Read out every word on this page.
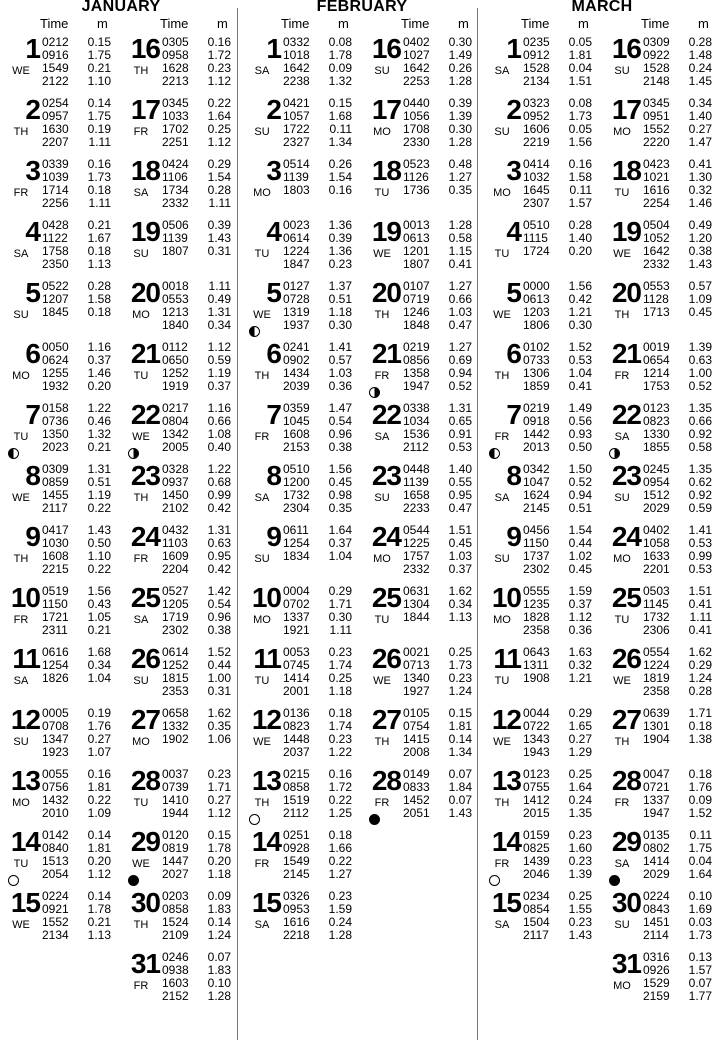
JANUARY
Time m	Time m
1
WE
0212	0.15
0916	1.75
1549	0.21
2122	1.10
2
TH
0254	0.14
0957	1.75
1630	0.19
2207	1.11
3
FR
0339	0.16
1039	1.73
1714	0.18
2256	1.11
4
SA
0428	0.21
1122	1.67
1758	0.18
2350	1.13
5
SU
0522	0.28
1207	1.58
1845	0.18
6
MO
0050	1.16
0624	0.37
1255	1.46
1932	0.20
7
TU
0158	1.22
0736	0.46
1350	1.32
2023	0.21
8
WE
0309	1.31
0859	0.51
1455	1.19
2117	0.22
9
TH
0417	1.43
1030	0.50
1608	1.10
2215	0.22
10
FR
0519	1.56
1150	0.43
1721	1.05
2311	0.21
11
SA
0616	1.68
1254	0.34
1826	1.04
12
SU
0005	0.19
0708	1.76
1347	0.27
1923	1.07
13
MO
0055	0.16
0756	1.81
1432	0.22
2010	1.09
14
TU
0142	0.14
0840	1.81
1513	0.20
2054	1.12
15
WE
0224	0.14
0921	1.78
1552	0.21
2134	1.13
16
TH
0305	0.16
0958	1.72
1628	0.23
2213	1.12
17
FR
0345	0.22
1033	1.64
1702	0.25
2251	1.12
18
SA
0424	0.29
1106	1.54
1734	0.28
2332	1.11
19
SU
0506	0.39
1139	1.43
1807	0.31
20
MO
0018	1.11
0553	0.49
1213	1.31
1840	0.34
21
TU
0112	1.12
0650	0.59
1252	1.19
1919	0.37
22
WE
0217	1.16
0804	0.66
1342	1.08
2005	0.40
23
TH
0328	1.22
0937	0.68
1450	0.99
2102	0.42
24
FR
0432	1.31
1103	0.63
1609	0.95
2204	0.42
25
SA
0527	1.42
1205	0.54
1719	0.96
2302	0.38
26
SU
0614	1.52
1252	0.44
1815	1.00
2353	0.31
27
MO
0658	1.62
1332	0.35
1902	1.06
28
TU
0037	0.23
0739	1.71
1410	0.27
1944	1.12
29
WE
0120	0.15
0819	1.78
1447	0.20
2027	1.18
30
TH
0203	0.09
0858	1.83
1524	0.14
2109	1.24
31
FR
0246	0.07
0938	1.83
1603	0.10
2152	1.28
FEBRUARY
Time m	Time m
1
SA
0332	0.08
1018	1.78
1642	0.09
2238	1.32
2
SU
0421	0.15
1057	1.68
1722	0.11
2327	1.34
3
MO
0514	0.26
1139	1.54
1803	0.16
4
TU
0023	1.36
0614	0.39
1224	1.36
1847	0.23
5
WE
0127	1.37
0728	0.51
1319	1.18
1937	0.30
6
TH
0241	1.41
0902	0.57
1434	1.03
2039	0.36
7
FR
0359	1.47
1045	0.54
1608	0.96
2153	0.38
8
SA
0510	1.56
1200	0.45
1732	0.98
2304	0.35
9
SU
0611	1.64
1254	0.37
1834	1.04
10
MO
0004	0.29
0702	1.71
1337	0.30
1921	1.11
11
TU
0053	0.23
0745	1.74
1414	0.25
2001	1.18
12
WE
0136	0.18
0823	1.74
1448	0.23
2037	1.22
13
TH
0215	0.16
0858	1.72
1519	0.22
2112	1.25
14
FR
0251	0.18
0928	1.66
1549	0.22
2145	1.27
15
SA
0326	0.23
0953	1.59
1616	0.24
2218	1.28
16
SU
0402	0.30
1027	1.49
1642	0.26
2253	1.28
17
MO
0440	0.39
1056	1.39
1708	0.30
2330	1.28
18
TU
0523	0.48
1126	1.27
1736	0.35
19
WE
0013	1.28
0613	0.58
1201	1.15
1807	0.41
20
TH
0107	1.27
0719	0.66
1246	1.03
1848	0.47
21
FR
0219	1.27
0856	0.69
1358	0.94
1947	0.52
22
SA
0338	1.31
1034	0.65
1536	0.91
2112	0.53
23
SU
0448	1.40
1139	0.55
1658	0.95
2233	0.47
24
MO
0544	1.51
1225	0.45
1757	1.03
2332	0.37
25
TU
0631	1.62
1304	0.34
1844	1.13
26
WE
0021	0.25
0713	1.73
1340	0.23
1927	1.24
27
TH
0105	0.15
0754	1.81
1415	0.14
2008	1.34
28
FR
0149	0.07
0833	1.84
1452	0.07
2051	1.43
MARCH
Time m	Time m
1
SA
0235	0.05
0912	1.81
1528	0.04
2134	1.51
2
SU
0323	0.08
0952	1.73
1606	0.05
2219	1.56
3
MO
0414	0.16
1032	1.58
1645	0.11
2307	1.57
4
TU
0510	0.28
1115	1.40
1724	0.20
5
WE
0000	1.56
0613	0.42
1203	1.21
1806	0.30
6
TH
0102	1.52
0733	0.53
1306	1.04
1859	0.41
7
FR
0219	1.49
0918	0.56
1442	0.93
2013	0.50
8
SA
0342	1.50
1047	0.52
1624	0.94
2145	0.51
9
SU
0456	1.54
1150	0.44
1737	1.02
2302	0.45
10
MO
0555	1.59
1235	0.37
1828	1.12
2358	0.36
11
TU
0643	1.63
1311	0.32
1908	1.21
12
WE
0044	0.29
0722	1.65
1343	0.27
1943	1.29
13
TH
0123	0.25
0755	1.64
1412	0.24
2015	1.35
14
FR
0159	0.23
0825	1.60
1439	0.23
2046	1.39
15
SA
0234	0.25
0854	1.55
1504	0.23
2117	1.43
16
SU
0309	0.28
0922	1.48
1528	0.24
2148	1.45
17
MO
0345	0.34
0951	1.40
1552	0.27
2220	1.47
18
TU
0423	0.41
1021	1.30
1616	0.32
2254	1.46
19
WE
0504	0.49
1052	1.20
1642	0.38
2332	1.43
20
TH
0553	0.57
1128	1.09
1713	0.45
21
FR
0019	1.39
0654	0.63
1214	1.00
1753	0.52
22
SA
0123	1.35
0823	0.66
1330	0.92
1855	0.58
23
SU
0245	1.35
0954	0.62
1512	0.92
2029	0.59
24
MO
0402	1.41
1058	0.53
1633	0.99
2201	0.53
25
TU
0503	1.51
1145	0.41
1732	1.11
2306	0.41
26
WE
0554	1.62
1224	0.29
1819	1.24
2358	0.28
27
TH
0639	1.71
1301	0.18
1904	1.38
28
FR
0047	0.18
0721	1.76
1337	0.09
1947	1.52
29
SA
0135	0.11
0802	1.75
1414	0.04
2029	1.64
30
SU
0224	0.10
0843	1.69
1451	0.03
2114	1.73
31
MO
0316	0.13
0926	1.57
1529	0.07
2159	1.77
